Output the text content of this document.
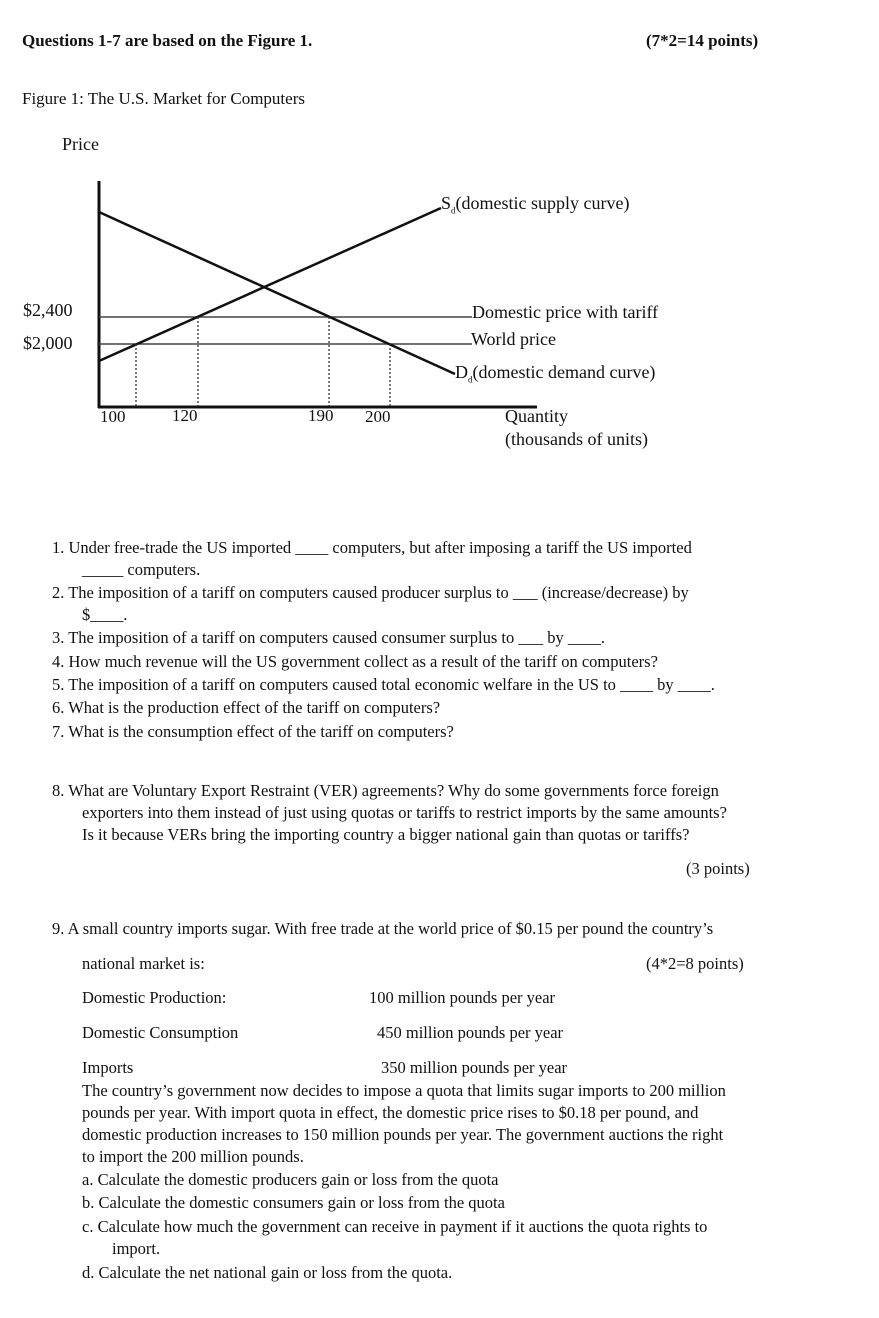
Questions 1-7 are based on the Figure 1.	(7*2=14 points)
Figure 1: The U.S. Market for Computers
Price
$2,400
$2,000
100	120	190 200
$S_d(domestic$ supply curve)
Domestic price with tariff
World price
$D_d(domestic$ demand curve)
Quantity
(thousands of units)
1. Under free-trade the US imported ____ computers, but after imposing a tariff the US imported
_____ computers.
2. The imposition of a tariff on computers caused producer surplus to ___ (increase/decrease) by
$____.
3. The imposition of a tariff on computers caused consumer surplus to ___ by ____.
4. How much revenue will the US government collect as a result of the tariff on computers?
5. The imposition of a tariff on computers caused total economic welfare in the US to ____ by ____.
6. What is the production effect of the tariff on computers?
7. What is the consumption effect of the tariff on computers?
8. What are Voluntary Export Restraint (VER) agreements? Why do some governments force foreign
exporters into them instead of just using quotas or tariffs to restrict imports by the same amounts?
Is it because VERs bring the importing country a bigger national gain than quotas or tariffs?
(3 points)
9. A small country imports sugar. With free trade at the world price of $0.15 per pound the country’s
national market is:	(4*2=8 points)
Domestic Production:	100 million pounds per year
Domestic Consumption	450 million pounds per year
Imports	350 million pounds per year
The country’s government now decides to impose a quota that limits sugar imports to 200 million
pounds per year. With import quota in effect, the domestic price rises to $0.18 per pound, and
domestic production increases to 150 million pounds per year. The government auctions the right
to import the 200 million pounds.
a. Calculate the domestic producers gain or loss from the quota
b. Calculate the domestic consumers gain or loss from the quota
c. Calculate how much the government can receive in payment if it auctions the quota rights to
import.
d. Calculate the net national gain or loss from the quota.
